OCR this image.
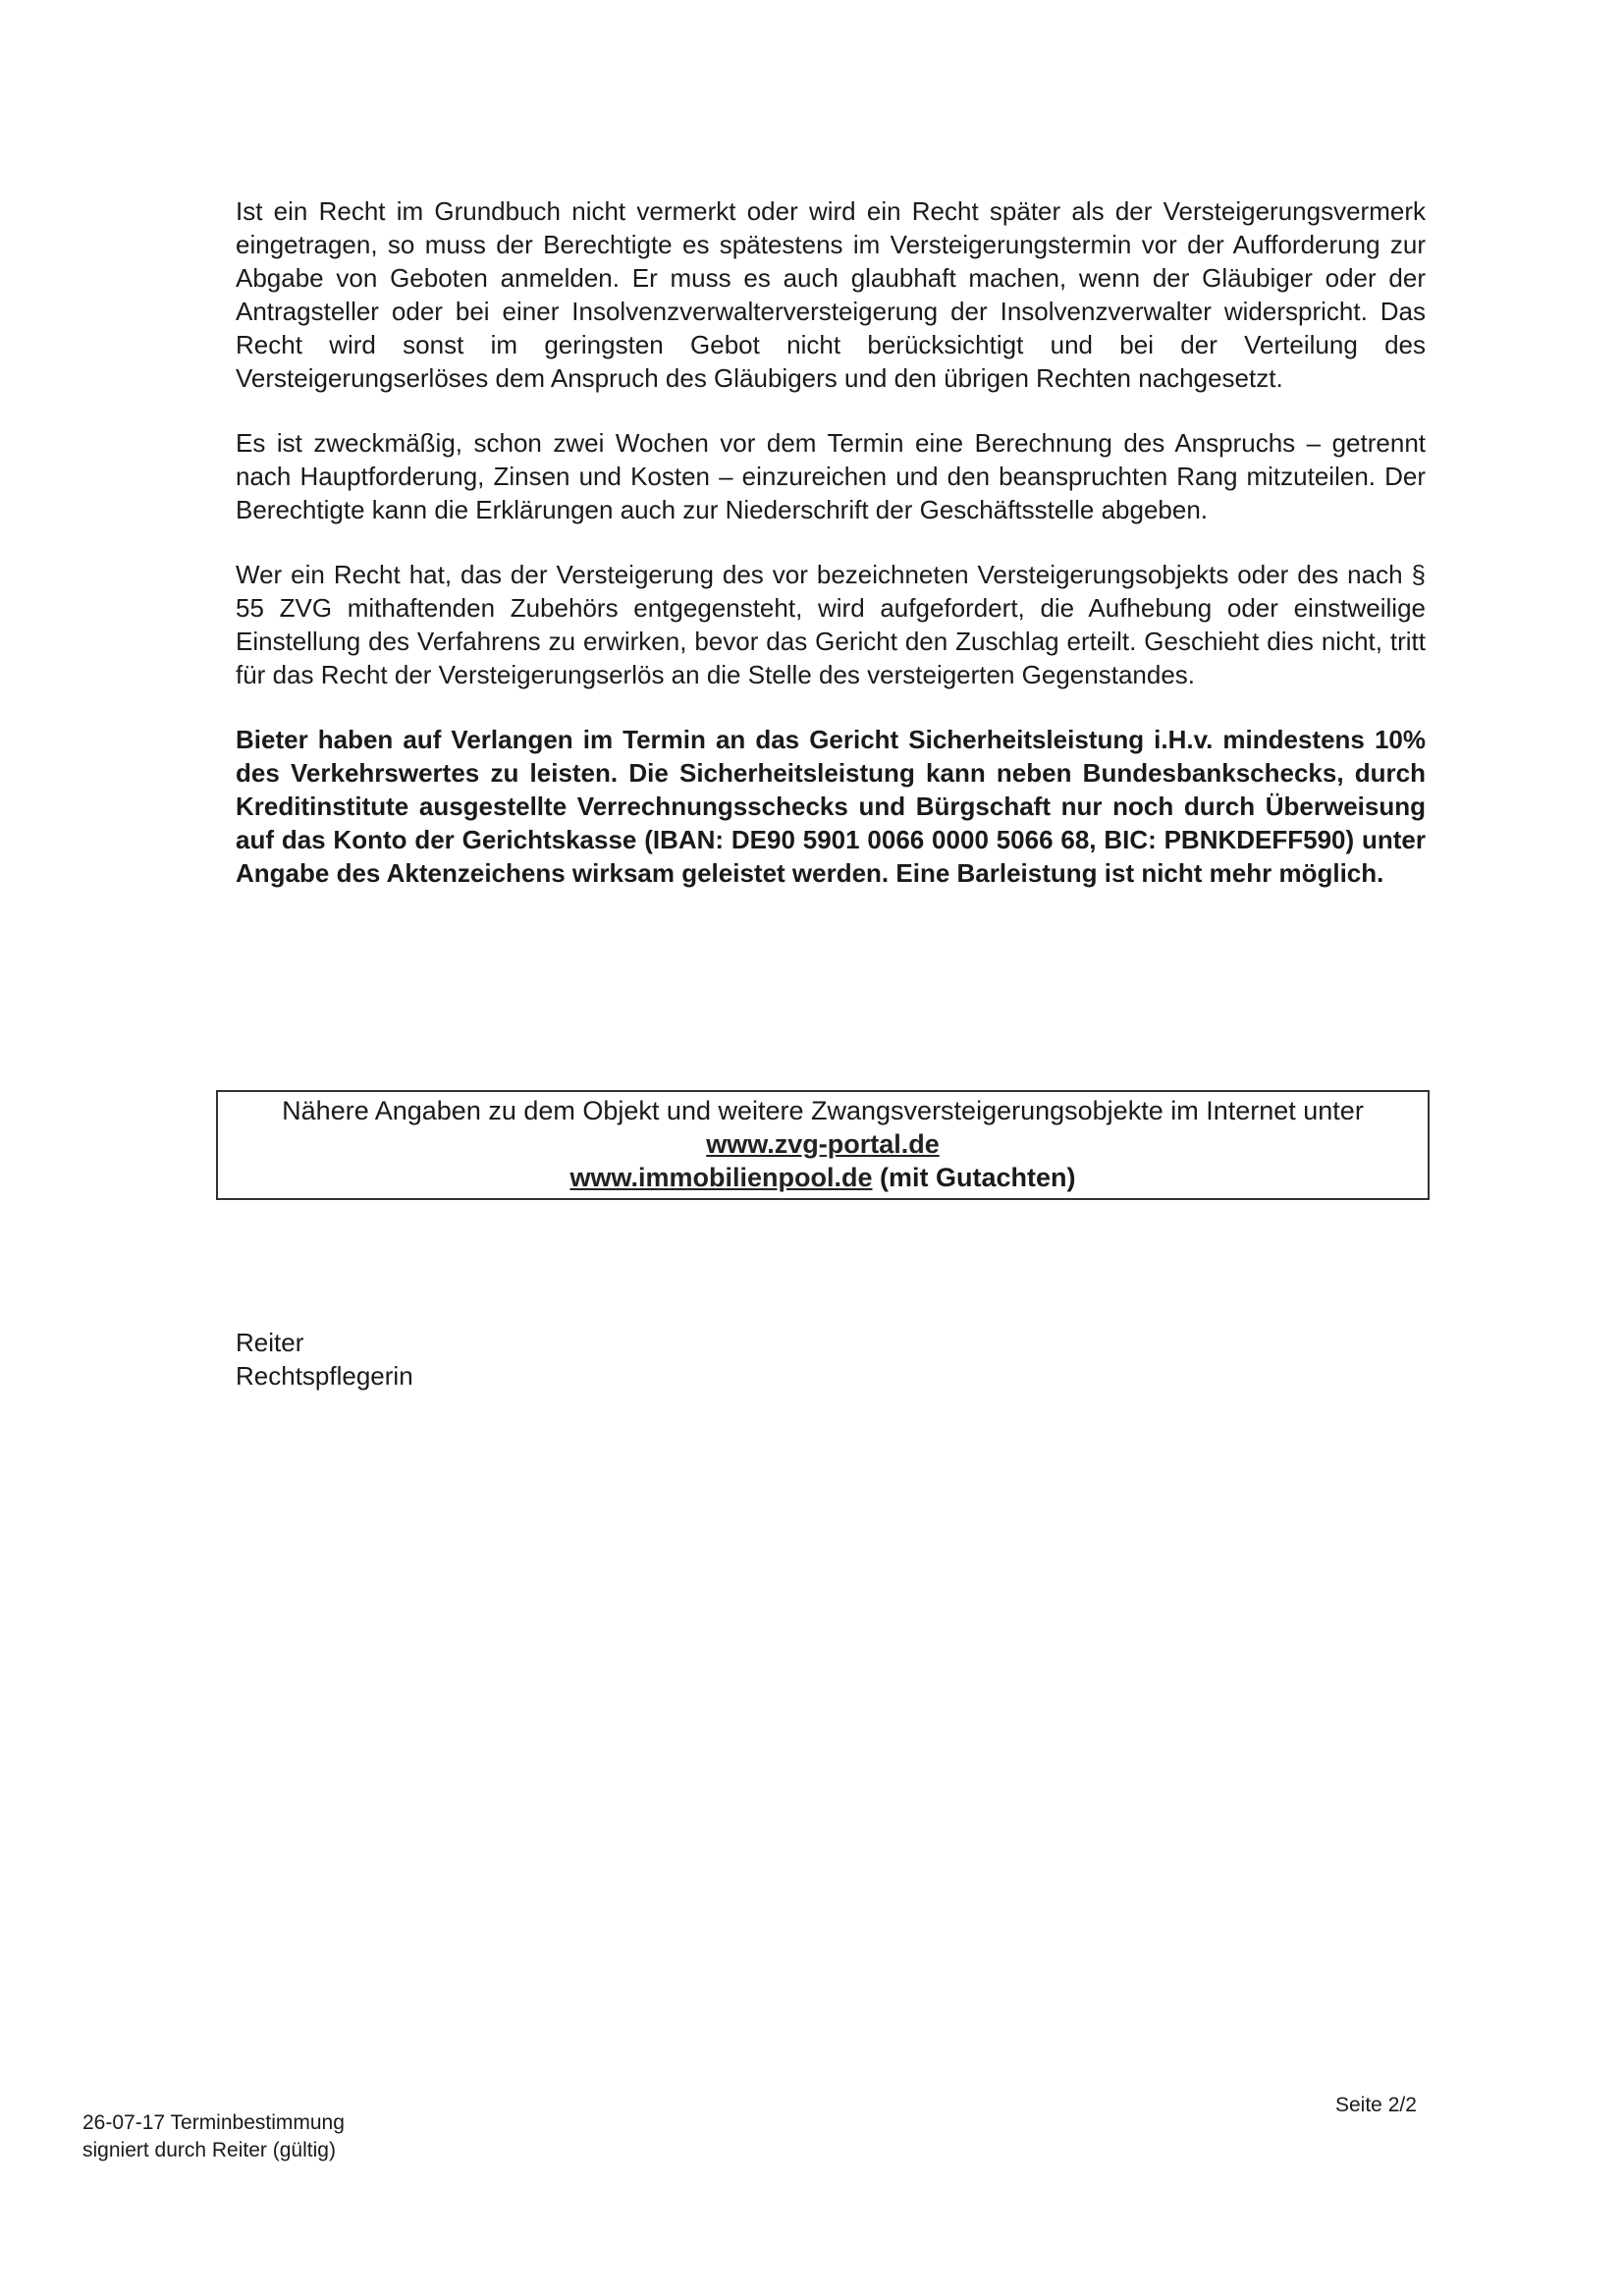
Ist ein Recht im Grundbuch nicht vermerkt oder wird ein Recht später als der Versteigerungsvermerk eingetragen, so muss der Berechtigte es spätestens im Versteigerungstermin vor der Aufforderung zur Abgabe von Geboten anmelden. Er muss es auch glaubhaft machen, wenn der Gläubiger oder der Antragsteller oder bei einer Insolvenzverwalterversteigerung der Insolvenzverwalter widerspricht. Das Recht wird sonst im geringsten Gebot nicht berücksichtigt und bei der Verteilung des Versteigerungserlöses dem Anspruch des Gläubigers und den übrigen Rechten nachgesetzt.

Es ist zweckmäßig, schon zwei Wochen vor dem Termin eine Berechnung des Anspruchs – getrennt nach Hauptforderung, Zinsen und Kosten – einzureichen und den beanspruchten Rang mitzuteilen. Der Berechtigte kann die Erklärungen auch zur Niederschrift der Geschäftsstelle abgeben.

Wer ein Recht hat, das der Versteigerung des vor bezeichneten Versteigerungsobjekts oder des nach § 55 ZVG mithaftenden Zubehörs entgegensteht, wird aufgefordert, die Aufhebung oder einstweilige Einstellung des Verfahrens zu erwirken, bevor das Gericht den Zuschlag erteilt. Geschieht dies nicht, tritt für das Recht der Versteigerungserlös an die Stelle des versteigerten Gegenstandes.

Bieter haben auf Verlangen im Termin an das Gericht Sicherheitsleistung i.H.v. mindestens 10% des Verkehrswertes zu leisten. Die Sicherheitsleistung kann neben Bundesbankschecks, durch Kreditinstitute ausgestellte Verrechnungsschecks und Bürgschaft nur noch durch Überweisung auf das Konto der Gerichtskasse (IBAN: DE90 5901 0066 0000 5066 68, BIC: PBNKDEFF590) unter Angabe des Aktenzeichens wirksam geleistet werden. Eine Barleistung ist nicht mehr möglich.

Nähere Angaben zu dem Objekt und weitere Zwangsversteigerungsobjekte im Internet unter
www.zvg-portal.de
www.immobilienpool.de (mit Gutachten)
Reiter
Rechtspflegerin
26-07-17 Terminbestimmung
signiert durch Reiter (gültig)
Seite 2/2
